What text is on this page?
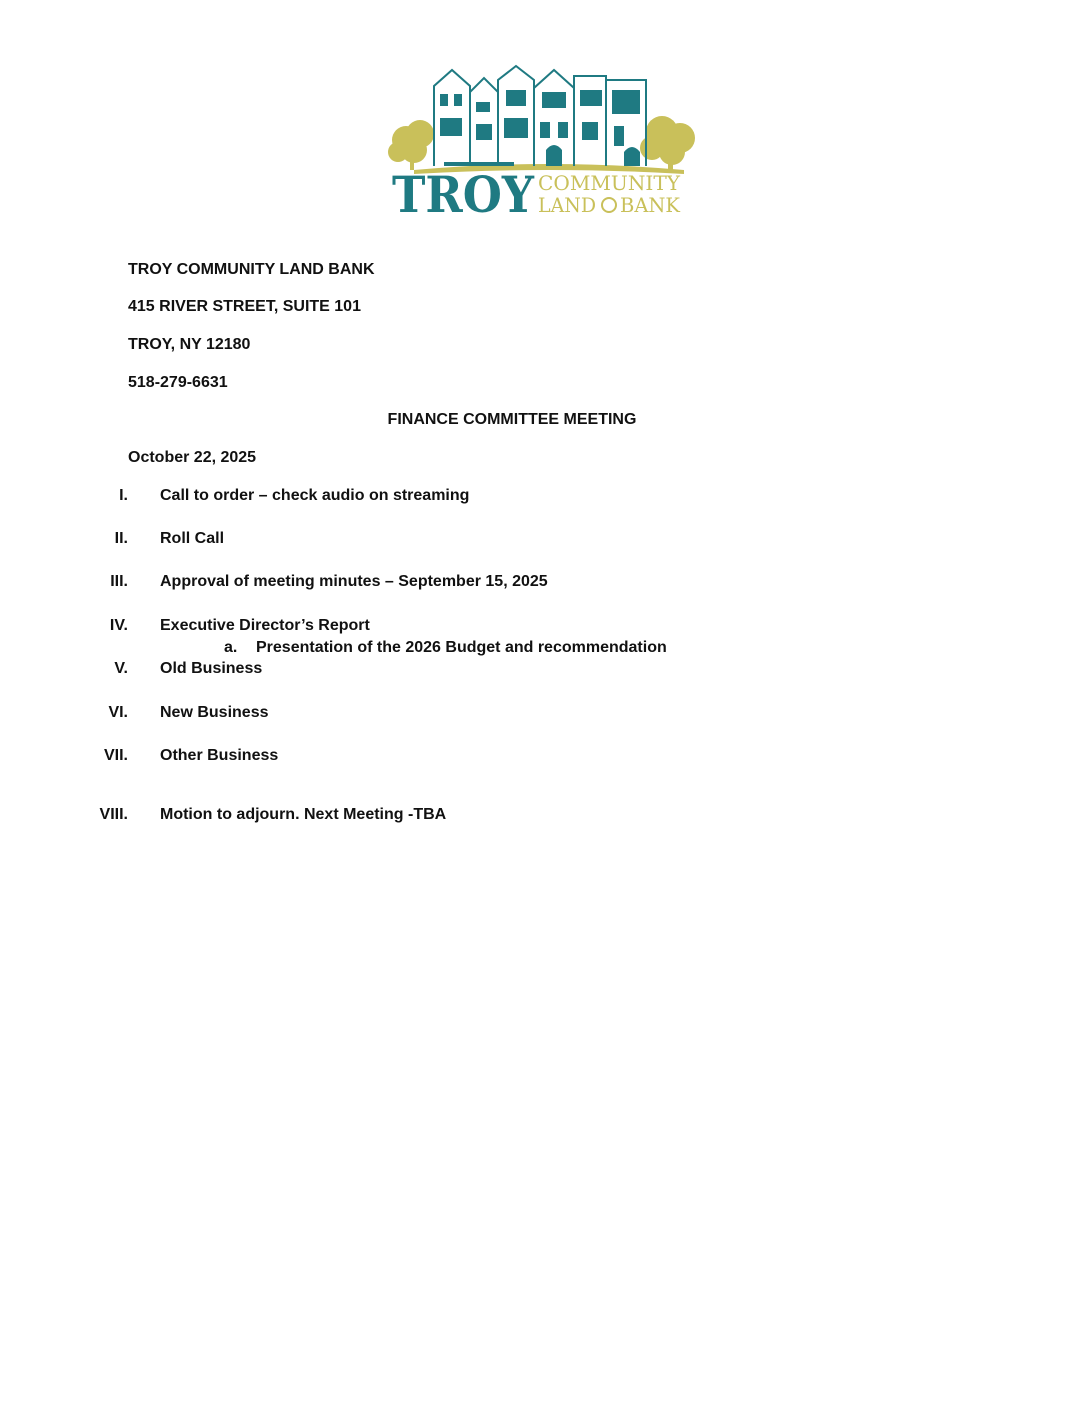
TROY COMMUNITY
LAND BANK
TROY COMMUNITY LAND BANK
415 RIVER STREET, SUITE 101
TROY, NY 12180
518-279-6631
FINANCE COMMITTEE MEETING
October 22, 2025
I. Call to order – check audio on streaming
II. Roll Call
III. Approval of meeting minutes – September 15, 2025
IV. Executive Director’s Report
a. Presentation of the 2026 Budget and recommendation
V. Old Business
VI. New Business
VII. Other Business
VIII. Motion to adjourn. Next Meeting -TBA
